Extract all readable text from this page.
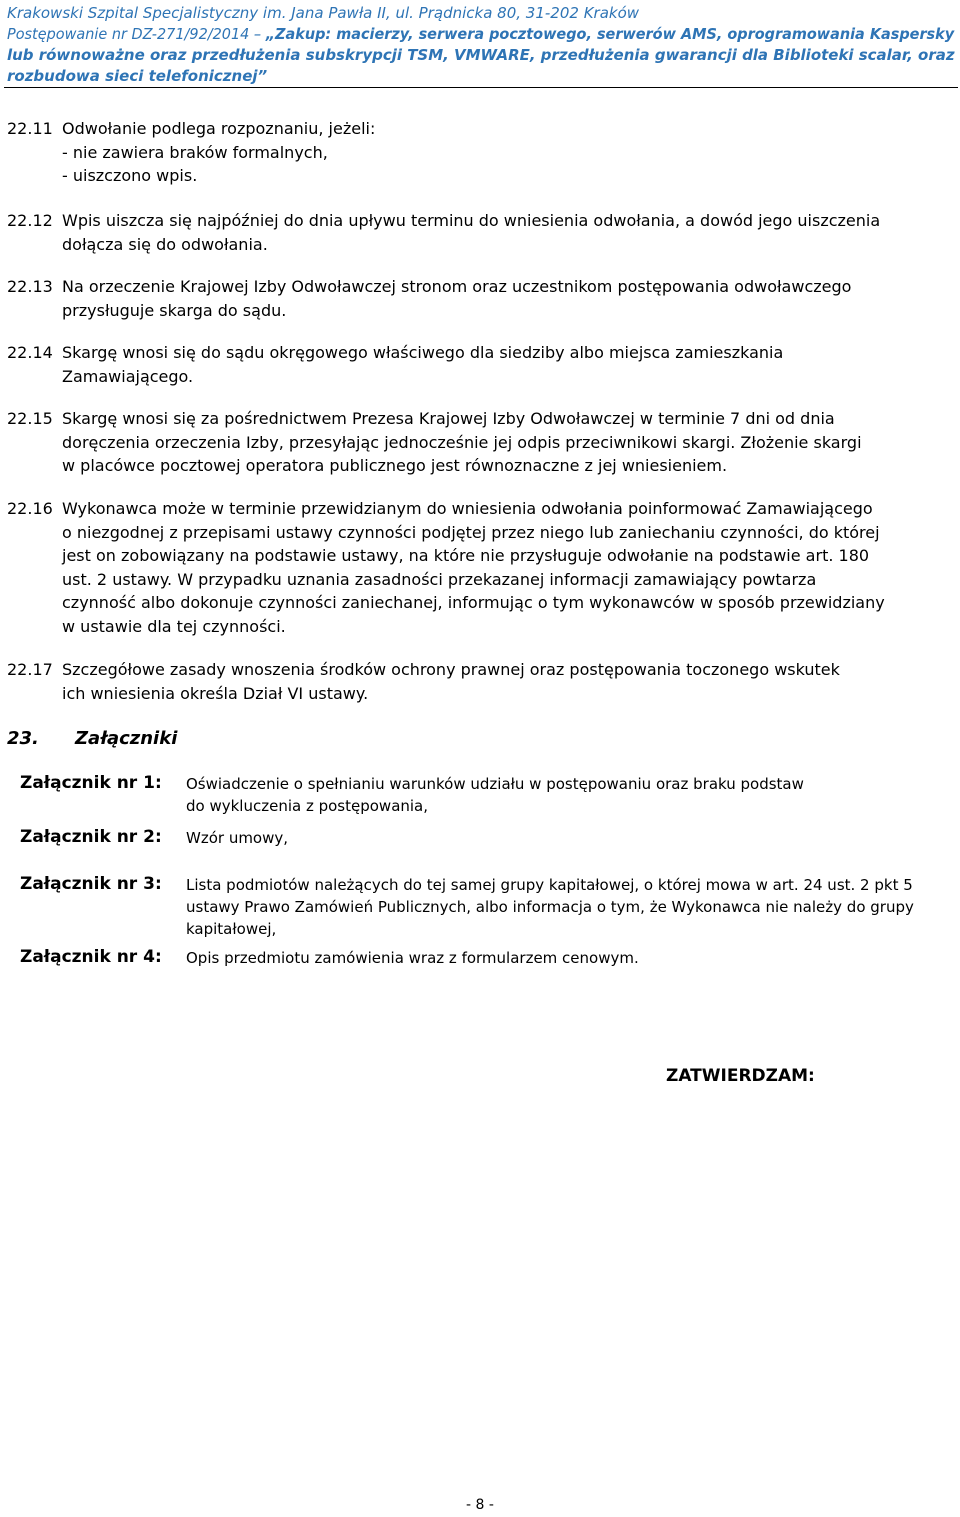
Krakowski Szpital Specjalistyczny im. Jana Pawła II, ul. Prądnicka 80, 31-202 Kraków
Postępowanie nr DZ-271/92/2014 – „Zakup: macierzy, serwera pocztowego, serwerów AMS, oprogramowania Kaspersky
lub równoważne oraz przedłużenia subskrypcji TSM, VMWARE, przedłużenia gwarancji dla Biblioteki scalar, oraz
rozbudowa sieci telefonicznej”
22.11 Odwołanie podlega rozpoznaniu, jeżeli:
- nie zawiera braków formalnych,
- uiszczono wpis.
22.12 Wpis uiszcza się najpóźniej do dnia upływu terminu do wniesienia odwołania, a dowód jego uiszczenia
dołącza się do odwołania.
22.13 Na orzeczenie Krajowej Izby Odwoławczej stronom oraz uczestnikom postępowania odwoławczego
przysługuje skarga do sądu.
22.14 Skargę wnosi się do sądu okręgowego właściwego dla siedziby albo miejsca zamieszkania
Zamawiającego.
22.15 Skargę wnosi się za pośrednictwem Prezesa Krajowej Izby Odwoławczej w terminie 7 dni od dnia
doręczenia orzeczenia Izby, przesyłając jednocześnie jej odpis przeciwnikowi skargi. Złożenie skargi
w placówce pocztowej operatora publicznego jest równoznaczne z jej wniesieniem.
22.16 Wykonawca może w terminie przewidzianym do wniesienia odwołania poinformować Zamawiającego
o niezgodnej z przepisami ustawy czynności podjętej przez niego lub zaniechaniu czynności, do której
jest on zobowiązany na podstawie ustawy, na które nie przysługuje odwołanie na podstawie art. 180
ust. 2 ustawy. W przypadku uznania zasadności przekazanej informacji zamawiający powtarza
czynność albo dokonuje czynności zaniechanej, informując o tym wykonawców w sposób przewidziany
w ustawie dla tej czynności.
22.17 Szczegółowe zasady wnoszenia środków ochrony prawnej oraz postępowania toczonego wskutek
ich wniesienia określa Dział VI ustawy.
23. Załączniki
Załącznik nr 1: Oświadczenie o spełnianiu warunków udziału w postępowaniu oraz braku podstaw
do wykluczenia z postępowania,
Załącznik nr 2: Wzór umowy,
Załącznik nr 3: Lista podmiotów należących do tej samej grupy kapitałowej, o której mowa w art. 24 ust. 2 pkt 5
ustawy Prawo Zamówień Publicznych, albo informacja o tym, że Wykonawca nie należy do grupy
kapitałowej,
Załącznik nr 4: Opis przedmiotu zamówienia wraz z formularzem cenowym.
ZATWIERDZAM:
- 8 -
